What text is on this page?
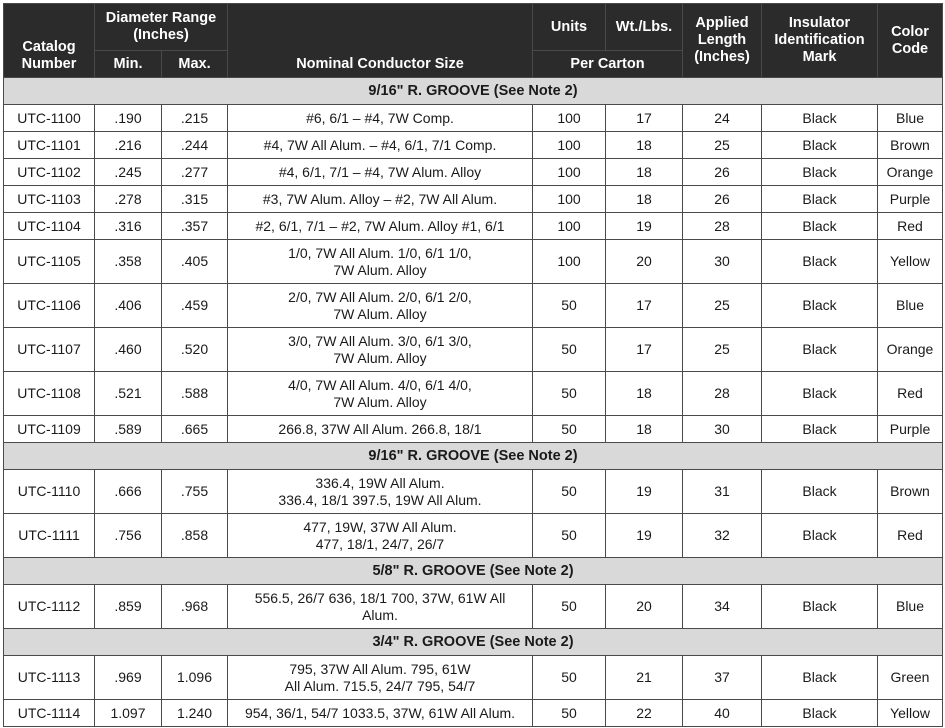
Catalog Number	Diameter Range (Inches)		Nominal Conductor Size	Units	Wt./Lbs.	Applied Length (Inches)	Insulator Identification Mark	Color Code
	Min.	Max.		Per Carton				
9/16" R. GROOVE (See Note 2)								
UTC-1100	.190	.215	#6, 6/1 – #4, 7W Comp.	100	17	24	Black	Blue
UTC-1101	.216	.244	#4, 7W All Alum. – #4, 6/1, 7/1 Comp.	100	18	25	Black	Brown
UTC-1102	.245	.277	#4, 6/1, 7/1 – #4, 7W Alum. Alloy	100	18	26	Black	Orange
UTC-1103	.278	.315	#3, 7W Alum. Alloy – #2, 7W All Alum.	100	18	26	Black	Purple
UTC-1104	.316	.357	#2, 6/1, 7/1 – #2, 7W Alum. Alloy #1, 6/1	100	19	28	Black	Red
UTC-1105	.358	.405	1/0, 7W All Alum. 1/0, 6/1 1/0,
7W Alum. Alloy	100	20	30	Black	Yellow
UTC-1106	.406	.459	2/0, 7W All Alum. 2/0, 6/1 2/0,
7W Alum. Alloy	50	17	25	Black	Blue
UTC-1107	.460	.520	3/0, 7W All Alum. 3/0, 6/1 3/0,
7W Alum. Alloy	50	17	25	Black	Orange
UTC-1108	.521	.588	4/0, 7W All Alum. 4/0, 6/1 4/0,
7W Alum. Alloy	50	18	28	Black	Red
UTC-1109	.589	.665	266.8, 37W All Alum. 266.8, 18/1	50	18	30	Black	Purple
9/16" R. GROOVE (See Note 2)								
UTC-1110	.666	.755	336.4, 19W All Alum.
336.4, 18/1 397.5, 19W All Alum.	50	19	31	Black	Brown
UTC-1111	.756	.858	477, 19W, 37W All Alum.
477, 18/1, 24/7, 26/7	50	19	32	Black	Red
5/8" R. GROOVE (See Note 2)								
UTC-1112	.859	.968	556.5, 26/7 636, 18/1 700, 37W, 61W All
Alum.	50	20	34	Black	Blue
3/4" R. GROOVE (See Note 2)								
UTC-1113	.969	1.096	795, 37W All Alum. 795, 61W
All Alum. 715.5, 24/7 795, 54/7	50	21	37	Black	Green
UTC-1114	1.097	1.240	954, 36/1, 54/7 1033.5, 37W, 61W All Alum.	50	22	40	Black	Yellow
